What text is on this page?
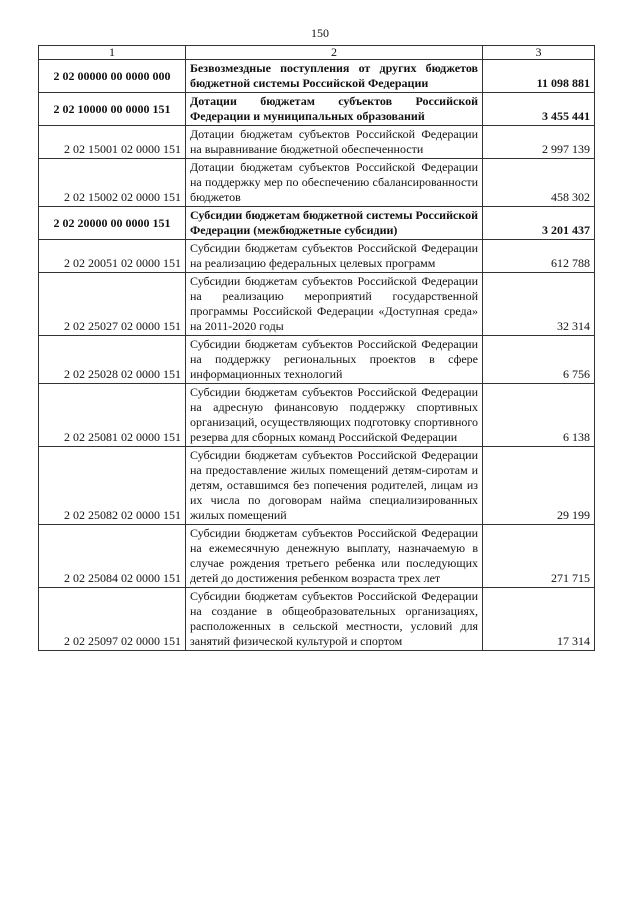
150
1	2	3
2 02 00000 00 0000 000	Безвозмездные поступления от других бюджетов бюджетной системы Российской Федерации	11 098 881
2 02 10000 00 0000 151	Дотации бюджетам субъектов Российской Федерации и муниципальных образований	3 455 441
2 02 15001 02 0000 151	Дотации бюджетам субъектов Российской Федерации на выравнивание бюджетной обеспеченности	2 997 139
2 02 15002 02 0000 151	Дотации бюджетам субъектов Российской Федерации на поддержку мер по обеспечению сбалансированности бюджетов	458 302
2 02 20000 00 0000 151	Субсидии бюджетам бюджетной системы Российской Федерации (межбюджетные субсидии)	3 201 437
2 02 20051 02 0000 151	Субсидии бюджетам субъектов Российской Федерации на реализацию федеральных целевых программ	612 788
2 02 25027 02 0000 151	Субсидии бюджетам субъектов Российской Федерации на реализацию мероприятий государственной программы Российской Федерации «Доступная среда» на 2011-2020 годы	32 314
2 02 25028 02 0000 151	Субсидии бюджетам субъектов Российской Федерации на поддержку региональных проектов в сфере информационных технологий	6 756
2 02 25081 02 0000 151	Субсидии бюджетам субъектов Российской Федерации на адресную финансовую поддержку спортивных организаций, осуществляющих подготовку спортивного резерва для сборных команд Российской Федерации	6 138
2 02 25082 02 0000 151	Субсидии бюджетам субъектов Российской Федерации на предоставление жилых помещений детям-сиротам и детям, оставшимся без попечения родителей, лицам из их числа по договорам найма специализированных жилых помещений	29 199
2 02 25084 02 0000 151	Субсидии бюджетам субъектов Российской Федерации на ежемесячную денежную выплату, назначаемую в случае рождения третьего ребенка или последующих детей до достижения ребенком возраста трех лет	271 715
2 02 25097 02 0000 151	Субсидии бюджетам субъектов Российской Федерации на создание в общеобразовательных организациях, расположенных в сельской местности, условий для занятий физической культурой и спортом	17 314
